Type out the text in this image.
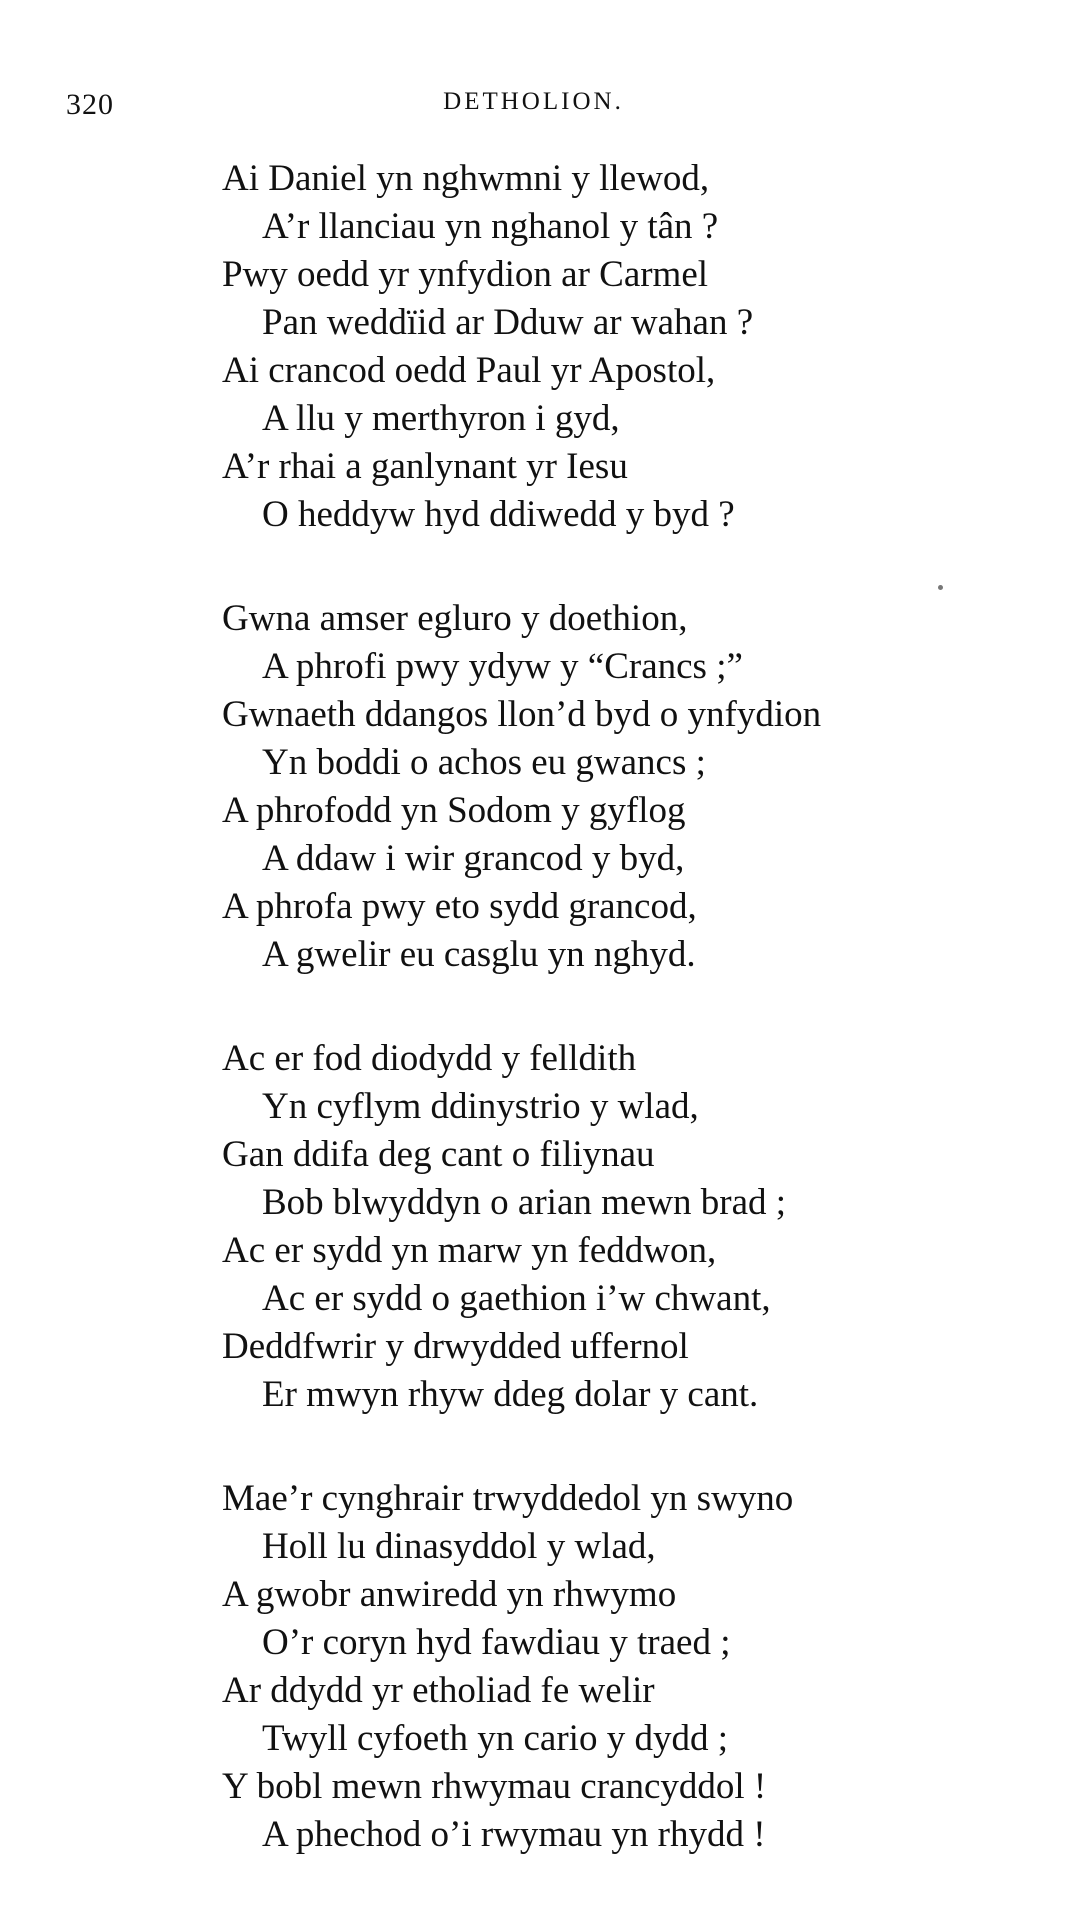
320	DETHOLION.
Ai Daniel yn nghwmni y llewod,
A’r llanciau yn nghanol y tân ?
Pwy oedd yr ynfydion ar Carmel
Pan weddïid ar Dduw ar wahan ?
Ai crancod oedd Paul yr Apostol,
A llu y merthyron i gyd,
A’r rhai a ganlynant yr Iesu
O heddyw hyd ddiwedd y byd ?
Gwna amser egluro y doethion,
A phrofi pwy ydyw y “Crancs ;”
Gwnaeth ddangos llon’d byd o ynfydion
Yn boddi o achos eu gwancs ;
A phrofodd yn Sodom y gyflog
A ddaw i wir grancod y byd,
A phrofa pwy eto sydd grancod,
A gwelir eu casglu yn nghyd.
Ac er fod diodydd y felldith
Yn cyflym ddinystrio y wlad,
Gan ddifa deg cant o filiynau
Bob blwyddyn o arian mewn brad ;
Ac er sydd yn marw yn feddwon,
Ac er sydd o gaethion i’w chwant,
Deddfwrir y drwydded uffernol
Er mwyn rhyw ddeg dolar y cant.
Mae’r cynghrair trwyddedol yn swyno
Holl lu dinasyddol y wlad,
A gwobr anwiredd yn rhwymo
O’r coryn hyd fawdiau y traed ;
Ar ddydd yr etholiad fe welir
Twyll cyfoeth yn cario y dydd ;
Y bobl mewn rhwymau crancyddol !
A phechod o’i rwymau yn rhydd !
